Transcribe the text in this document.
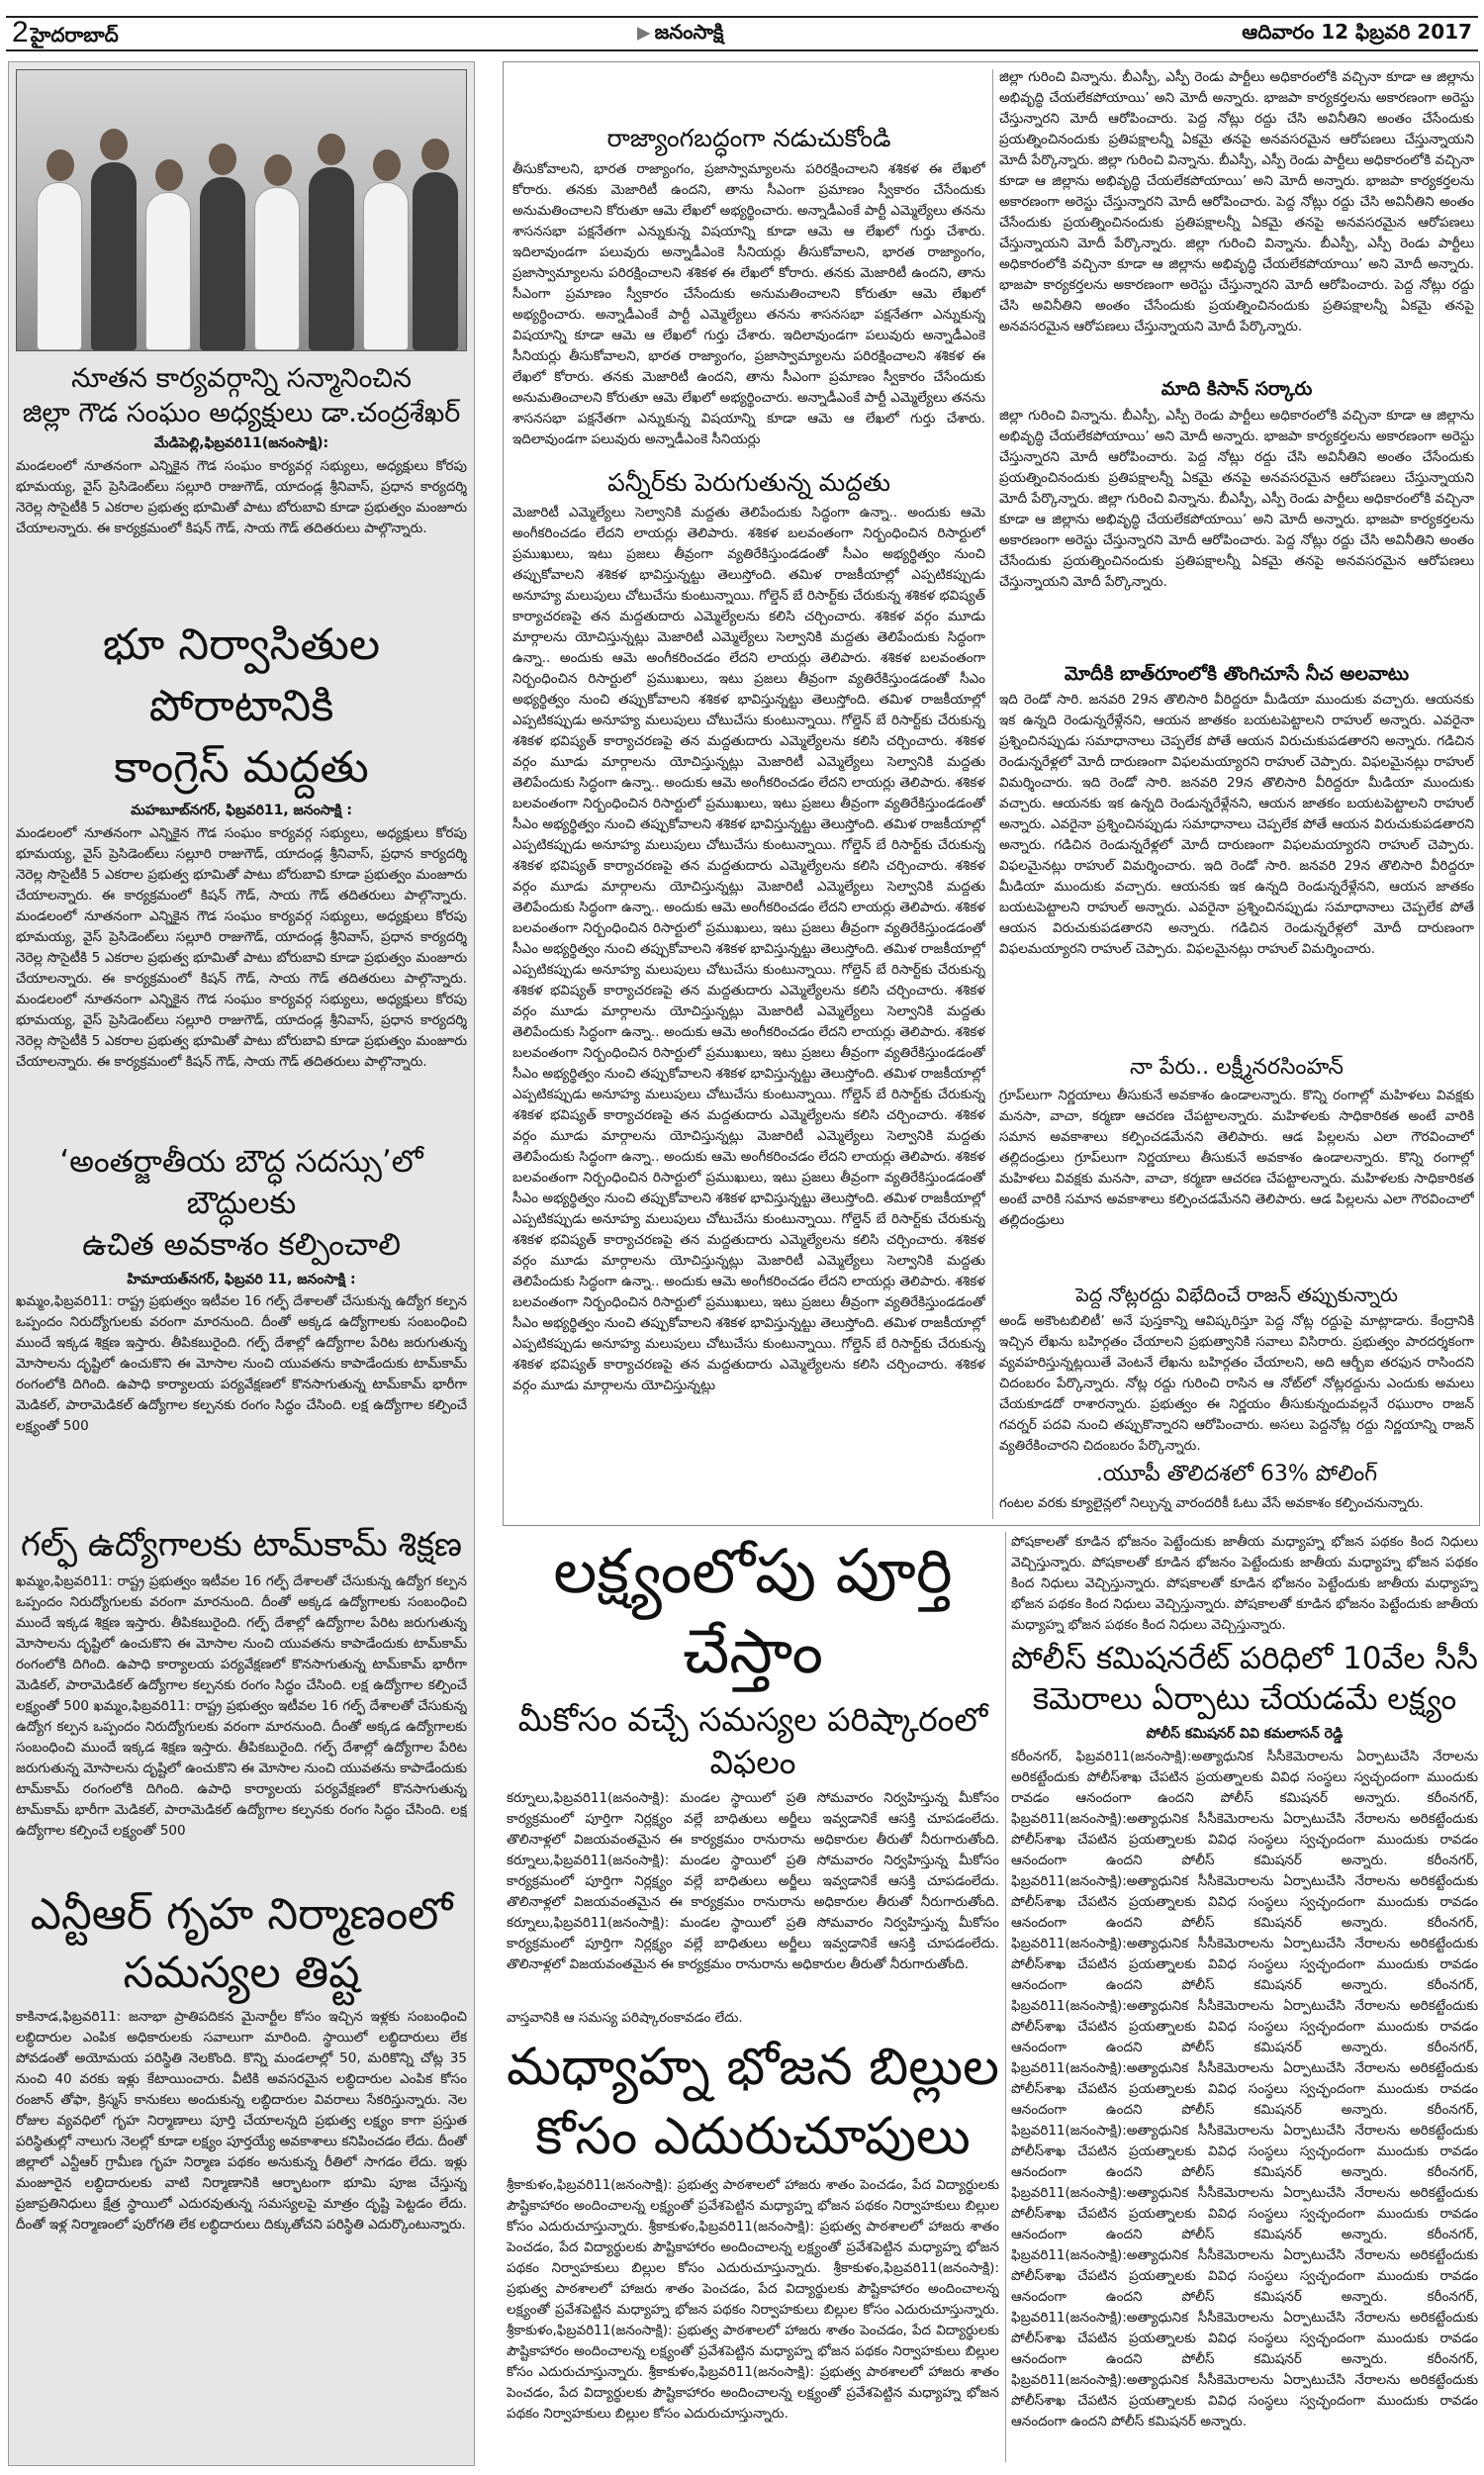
2 హైదరాబాద్	జనంసాక్షి	ఆదివారం 12 ఫిబ్రవరి 2017
నూతన కార్యవర్గాన్ని సన్మానించిన
జిల్లా గౌడ సంఘం అధ్యక్షులు డా.చంద్రశేఖర్
మేడిపెల్లి,ఫిబ్రవరి11(జనంసాక్షి):
మండలంలో నూతనంగా ఎన్నికైన గౌడ సంఘం కార్యవర్గ సభ్యులు, అధ్యక్షులు కోరపు భూమయ్య, వైస్ ప్రెసిడెంట్‌లు సల్లూరి రాజుగౌడ్, యాదండ్ల శ్రీనివాస్, ప్రధాన కార్యదర్శి నెరెల్ల సొసైటీకి 5 ఎకరాల ప్రభుత్వ భూమితో పాటు బోరుబావి కూడా ప్రభుత్వం మంజూరు చేయాలన్నారు. ఈ కార్యక్రమంలో కిషన్ గౌడ్, సాయ గౌడ్ తదితరులు పాల్గొన్నారు.
భూ నిర్వాసితుల పోరాటానికి
కాంగ్రెస్ మద్దతు
మహబూబ్‌నగర్, ఫిబ్రవరి11, జనంసాక్షి :
మండలంలో నూతనంగా ఎన్నికైన గౌడ సంఘం కార్యవర్గ సభ్యులు, అధ్యక్షులు కోరపు భూమయ్య, వైస్ ప్రెసిడెంట్‌లు సల్లూరి రాజుగౌడ్, యాదండ్ల శ్రీనివాస్, ప్రధాన కార్యదర్శి నెరెల్ల సొసైటీకి 5 ఎకరాల ప్రభుత్వ భూమితో పాటు బోరుబావి కూడా ప్రభుత్వం మంజూరు చేయాలన్నారు. ఈ కార్యక్రమంలో కిషన్ గౌడ్, సాయ గౌడ్ తదితరులు పాల్గొన్నారు. మండలంలో నూతనంగా ఎన్నికైన గౌడ సంఘం కార్యవర్గ సభ్యులు, అధ్యక్షులు కోరపు భూమయ్య, వైస్ ప్రెసిడెంట్‌లు సల్లూరి రాజుగౌడ్, యాదండ్ల శ్రీనివాస్, ప్రధాన కార్యదర్శి నెరెల్ల సొసైటీకి 5 ఎకరాల ప్రభుత్వ భూమితో పాటు బోరుబావి కూడా ప్రభుత్వం మంజూరు చేయాలన్నారు. ఈ కార్యక్రమంలో కిషన్ గౌడ్, సాయ గౌడ్ తదితరులు పాల్గొన్నారు. మండలంలో నూతనంగా ఎన్నికైన గౌడ సంఘం కార్యవర్గ సభ్యులు, అధ్యక్షులు కోరపు భూమయ్య, వైస్ ప్రెసిడెంట్‌లు సల్లూరి రాజుగౌడ్, యాదండ్ల శ్రీనివాస్, ప్రధాన కార్యదర్శి నెరెల్ల సొసైటీకి 5 ఎకరాల ప్రభుత్వ భూమితో పాటు బోరుబావి కూడా ప్రభుత్వం మంజూరు చేయాలన్నారు. ఈ కార్యక్రమంలో కిషన్ గౌడ్, సాయ గౌడ్ తదితరులు పాల్గొన్నారు.
‘అంతర్జాతీయ బౌద్ధ సదస్సు’లో బౌద్ధులకు
ఉచిత అవకాశం కల్పించాలి
హిమాయత్‌నగర్, ఫిబ్రవరి 11, జనంసాక్షి :
ఖమ్మం,ఫిబ్రవరి11: రాష్ట్ర ప్రభుత్వం ఇటీవల 16 గల్ఫ్ దేశాలతో చేసుకున్న ఉద్యోగ కల్పన ఒప్పందం నిరుద్యోగులకు వరంగా మారనుంది. దీంతో అక్కడ ఉద్యోగాలకు సంబంధించి ముందే ఇక్కడ శిక్షణ ఇస్తారు. తీపికబురైంది. గల్ఫ్ దేశాల్లో ఉద్యోగాల పేరిట జరుగుతున్న మోసాలను దృష్టిలో ఉంచుకొని ఈ మోసాల నుంచి యువతను కాపాడేందుకు టామ్‌కామ్ రంగంలోకి దిగింది. ఉపాధి కార్యాలయ పర్యవేక్షణలో కొనసాగుతున్న టామ్‌కామ్ భారీగా మెడికల్, పారామెడికల్ ఉద్యోగాల కల్పనకు రంగం సిద్ధం చేసింది. లక్ష ఉద్యోగాల కల్పించే లక్ష్యంతో 500
గల్ఫ్ ఉద్యోగాలకు టామ్‌కామ్ శిక్షణ
ఖమ్మం,ఫిబ్రవరి11: రాష్ట్ర ప్రభుత్వం ఇటీవల 16 గల్ఫ్ దేశాలతో చేసుకున్న ఉద్యోగ కల్పన ఒప్పందం నిరుద్యోగులకు వరంగా మారనుంది. దీంతో అక్కడ ఉద్యోగాలకు సంబంధించి ముందే ఇక్కడ శిక్షణ ఇస్తారు. తీపికబురైంది. గల్ఫ్ దేశాల్లో ఉద్యోగాల పేరిట జరుగుతున్న మోసాలను దృష్టిలో ఉంచుకొని ఈ మోసాల నుంచి యువతను కాపాడేందుకు టామ్‌కామ్ రంగంలోకి దిగింది. ఉపాధి కార్యాలయ పర్యవేక్షణలో కొనసాగుతున్న టామ్‌కామ్ భారీగా మెడికల్, పారామెడికల్ ఉద్యోగాల కల్పనకు రంగం సిద్ధం చేసింది. లక్ష ఉద్యోగాల కల్పించే లక్ష్యంతో 500 ఖమ్మం,ఫిబ్రవరి11: రాష్ట్ర ప్రభుత్వం ఇటీవల 16 గల్ఫ్ దేశాలతో చేసుకున్న ఉద్యోగ కల్పన ఒప్పందం నిరుద్యోగులకు వరంగా మారనుంది. దీంతో అక్కడ ఉద్యోగాలకు సంబంధించి ముందే ఇక్కడ శిక్షణ ఇస్తారు. తీపికబురైంది. గల్ఫ్ దేశాల్లో ఉద్యోగాల పేరిట జరుగుతున్న మోసాలను దృష్టిలో ఉంచుకొని ఈ మోసాల నుంచి యువతను కాపాడేందుకు టామ్‌కామ్ రంగంలోకి దిగింది. ఉపాధి కార్యాలయ పర్యవేక్షణలో కొనసాగుతున్న టామ్‌కామ్ భారీగా మెడికల్, పారామెడికల్ ఉద్యోగాల కల్పనకు రంగం సిద్ధం చేసింది. లక్ష ఉద్యోగాల కల్పించే లక్ష్యంతో 500
ఎన్టీఆర్ గృహ నిర్మాణంలో
సమస్యల తిష్ట
కాకినాడ,ఫిబ్రవరి11: జనాభా ప్రాతిపదికన మైనార్టీల కోసం ఇచ్చిన ఇళ్లకు సంబంధించి లబ్ధిదారుల ఎంపిక అధికారులకు సవాలుగా మారింది. స్థాయిలో లబ్ధిదారులు లేక పోవడంతో అయోమయ పరిస్థితి నెలకొంది. కొన్ని మండలాల్లో 50, మరికొన్ని చోట్ల 35 నుంచి 40 వరకు ఇళ్లు కేటాయించారు. వీటికి అవసరమైన లబ్ధిదారుల ఎంపిక కోసం రంజాన్ తోఫా, క్రిస్మస్ కానుకలు అందుకున్న లబ్ధిదారుల వివరాలు సేకరిస్తున్నారు. నెల రోజుల వ్యవధిలో గృహ నిర్మాణాలు పూర్తి చేయాలన్నది ప్రభుత్వ లక్ష్యం కాగా ప్రస్తుత పరిస్థితుల్లో నాలుగు నెలల్లో కూడా లక్ష్యం పూర్తయ్యే అవకాశాలు కనిపించడం లేదు. దీంతో జిల్లాలో ఎన్టీఆర్ గ్రామీణ గృహ నిర్మాణ పథకం అనుకున్న రీతిలో సాగడం లేదు. ఇళ్లు మంజూరైన లబ్ధిదారులకు వాటి నిర్మాణానికి ఆర్భాటంగా భూమి పూజ చేస్తున్న ప్రజాప్రతినిధులు క్షేత్ర స్థాయిలో ఎదురవుతున్న సమస్యలపై మాత్రం దృష్టి పెట్టడం లేదు. దీంతో ఇళ్ల నిర్మాణంలో పురోగతి లేక లబ్ధిదారులు దిక్కుతోచని పరిస్థితి ఎదుర్కొంటున్నారు.
రాజ్యాంగబద్ధంగా నడుచుకోండి
తీసుకోవాలని, భారత రాజ్యాంగం, ప్రజాస్వామ్యాలను పరిరక్షించాలని శశికళ ఈ లేఖలో కోరారు. తనకు మెజారిటీ ఉందని, తాను సీఎంగా ప్రమాణం స్వీకారం చేసేందుకు అనుమతించాలని కోరుతూ ఆమె లేఖలో అభ్యర్థించారు. అన్నాడీఎంకే పార్టీ ఎమ్మెల్యేలు తనను శాసనసభా పక్షనేతగా ఎన్నుకున్న విషయాన్ని కూడా ఆమె ఆ లేఖలో గుర్తు చేశారు. ఇదిలావుండగా పలువురు అన్నాడీఎంకె సీనియర్లు తీసుకోవాలని, భారత రాజ్యాంగం, ప్రజాస్వామ్యాలను పరిరక్షించాలని శశికళ ఈ లేఖలో కోరారు. తనకు మెజారిటీ ఉందని, తాను సీఎంగా ప్రమాణం స్వీకారం చేసేందుకు అనుమతించాలని కోరుతూ ఆమె లేఖలో అభ్యర్థించారు. అన్నాడీఎంకే పార్టీ ఎమ్మెల్యేలు తనను శాసనసభా పక్షనేతగా ఎన్నుకున్న విషయాన్ని కూడా ఆమె ఆ లేఖలో గుర్తు చేశారు. ఇదిలావుండగా పలువురు అన్నాడీఎంకె సీనియర్లు తీసుకోవాలని, భారత రాజ్యాంగం, ప్రజాస్వామ్యాలను పరిరక్షించాలని శశికళ ఈ లేఖలో కోరారు. తనకు మెజారిటీ ఉందని, తాను సీఎంగా ప్రమాణం స్వీకారం చేసేందుకు అనుమతించాలని కోరుతూ ఆమె లేఖలో అభ్యర్థించారు. అన్నాడీఎంకే పార్టీ ఎమ్మెల్యేలు తనను శాసనసభా పక్షనేతగా ఎన్నుకున్న విషయాన్ని కూడా ఆమె ఆ లేఖలో గుర్తు చేశారు. ఇదిలావుండగా పలువురు అన్నాడీఎంకె సీనియర్లు
పన్నీర్‌కు పెరుగుతున్న మద్దతు
మెజారిటీ ఎమ్మెల్యేలు సెల్వానికి మద్దతు తెలిపేందుకు సిద్ధంగా ఉన్నా.. అందుకు ఆమె అంగీకరించడం లేదని లాయర్లు తెలిపారు. శశికళ బలవంతంగా నిర్బంధించిన రిసార్టులో ప్రముఖులు, ఇటు ప్రజలు తీవ్రంగా వ్యతిరేకిస్తుండడంతో సీఎం అభ్యర్థిత్వం నుంచి తప్పుకోవాలని శశికళ భావిస్తున్నట్టు తెలుస్తోంది. తమిళ రాజకీయాల్లో ఎప్పటికప్పుడు అనూహ్య మలుపులు చోటుచేసు కుంటున్నాయి. గోల్డెన్ బే రిసార్ట్‌కు చేరుకున్న శశికళ భవిష్యత్ కార్యాచరణపై తన మద్దతుదారు ఎమ్మెల్యేలను కలిసి చర్చించారు. శశికళ వర్గం మూడు మార్గాలను యోచిస్తున్నట్లు మెజారిటీ ఎమ్మెల్యేలు సెల్వానికి మద్దతు తెలిపేందుకు సిద్ధంగా ఉన్నా.. అందుకు ఆమె అంగీకరించడం లేదని లాయర్లు తెలిపారు. శశికళ బలవంతంగా నిర్బంధించిన రిసార్టులో ప్రముఖులు, ఇటు ప్రజలు తీవ్రంగా వ్యతిరేకిస్తుండడంతో సీఎం అభ్యర్థిత్వం నుంచి తప్పుకోవాలని శశికళ భావిస్తున్నట్టు తెలుస్తోంది. తమిళ రాజకీయాల్లో ఎప్పటికప్పుడు అనూహ్య మలుపులు చోటుచేసు కుంటున్నాయి. గోల్డెన్ బే రిసార్ట్‌కు చేరుకున్న శశికళ భవిష్యత్ కార్యాచరణపై తన మద్దతుదారు ఎమ్మెల్యేలను కలిసి చర్చించారు. శశికళ వర్గం మూడు మార్గాలను యోచిస్తున్నట్లు మెజారిటీ ఎమ్మెల్యేలు సెల్వానికి మద్దతు తెలిపేందుకు సిద్ధంగా ఉన్నా.. అందుకు ఆమె అంగీకరించడం లేదని లాయర్లు తెలిపారు. శశికళ బలవంతంగా నిర్బంధించిన రిసార్టులో ప్రముఖులు, ఇటు ప్రజలు తీవ్రంగా వ్యతిరేకిస్తుండడంతో సీఎం అభ్యర్థిత్వం నుంచి తప్పుకోవాలని శశికళ భావిస్తున్నట్టు తెలుస్తోంది. తమిళ రాజకీయాల్లో ఎప్పటికప్పుడు అనూహ్య మలుపులు చోటుచేసు కుంటున్నాయి. గోల్డెన్ బే రిసార్ట్‌కు చేరుకున్న శశికళ భవిష్యత్ కార్యాచరణపై తన మద్దతుదారు ఎమ్మెల్యేలను కలిసి చర్చించారు. శశికళ వర్గం మూడు మార్గాలను యోచిస్తున్నట్లు మెజారిటీ ఎమ్మెల్యేలు సెల్వానికి మద్దతు తెలిపేందుకు సిద్ధంగా ఉన్నా.. అందుకు ఆమె అంగీకరించడం లేదని లాయర్లు తెలిపారు. శశికళ బలవంతంగా నిర్బంధించిన రిసార్టులో ప్రముఖులు, ఇటు ప్రజలు తీవ్రంగా వ్యతిరేకిస్తుండడంతో సీఎం అభ్యర్థిత్వం నుంచి తప్పుకోవాలని శశికళ భావిస్తున్నట్టు తెలుస్తోంది. తమిళ రాజకీయాల్లో ఎప్పటికప్పుడు అనూహ్య మలుపులు చోటుచేసు కుంటున్నాయి. గోల్డెన్ బే రిసార్ట్‌కు చేరుకున్న శశికళ భవిష్యత్ కార్యాచరణపై తన మద్దతుదారు ఎమ్మెల్యేలను కలిసి చర్చించారు. శశికళ వర్గం మూడు మార్గాలను యోచిస్తున్నట్లు మెజారిటీ ఎమ్మెల్యేలు సెల్వానికి మద్దతు తెలిపేందుకు సిద్ధంగా ఉన్నా.. అందుకు ఆమె అంగీకరించడం లేదని లాయర్లు తెలిపారు. శశికళ బలవంతంగా నిర్బంధించిన రిసార్టులో ప్రముఖులు, ఇటు ప్రజలు తీవ్రంగా వ్యతిరేకిస్తుండడంతో సీఎం అభ్యర్థిత్వం నుంచి తప్పుకోవాలని శశికళ భావిస్తున్నట్టు తెలుస్తోంది. తమిళ రాజకీయాల్లో ఎప్పటికప్పుడు అనూహ్య మలుపులు చోటుచేసు కుంటున్నాయి. గోల్డెన్ బే రిసార్ట్‌కు చేరుకున్న శశికళ భవిష్యత్ కార్యాచరణపై తన మద్దతుదారు ఎమ్మెల్యేలను కలిసి చర్చించారు. శశికళ వర్గం మూడు మార్గాలను యోచిస్తున్నట్లు మెజారిటీ ఎమ్మెల్యేలు సెల్వానికి మద్దతు తెలిపేందుకు సిద్ధంగా ఉన్నా.. అందుకు ఆమె అంగీకరించడం లేదని లాయర్లు తెలిపారు. శశికళ బలవంతంగా నిర్బంధించిన రిసార్టులో ప్రముఖులు, ఇటు ప్రజలు తీవ్రంగా వ్యతిరేకిస్తుండడంతో సీఎం అభ్యర్థిత్వం నుంచి తప్పుకోవాలని శశికళ భావిస్తున్నట్టు తెలుస్తోంది. తమిళ రాజకీయాల్లో ఎప్పటికప్పుడు అనూహ్య మలుపులు చోటుచేసు కుంటున్నాయి. గోల్డెన్ బే రిసార్ట్‌కు చేరుకున్న శశికళ భవిష్యత్ కార్యాచరణపై తన మద్దతుదారు ఎమ్మెల్యేలను కలిసి చర్చించారు. శశికళ వర్గం మూడు మార్గాలను యోచిస్తున్నట్లు మెజారిటీ ఎమ్మెల్యేలు సెల్వానికి మద్దతు తెలిపేందుకు సిద్ధంగా ఉన్నా.. అందుకు ఆమె అంగీకరించడం లేదని లాయర్లు తెలిపారు. శశికళ బలవంతంగా నిర్బంధించిన రిసార్టులో ప్రముఖులు, ఇటు ప్రజలు తీవ్రంగా వ్యతిరేకిస్తుండడంతో సీఎం అభ్యర్థిత్వం నుంచి తప్పుకోవాలని శశికళ భావిస్తున్నట్టు తెలుస్తోంది. తమిళ రాజకీయాల్లో ఎప్పటికప్పుడు అనూహ్య మలుపులు చోటుచేసు కుంటున్నాయి. గోల్డెన్ బే రిసార్ట్‌కు చేరుకున్న శశికళ భవిష్యత్ కార్యాచరణపై తన మద్దతుదారు ఎమ్మెల్యేలను కలిసి చర్చించారు. శశికళ వర్గం మూడు మార్గాలను యోచిస్తున్నట్లు
జిల్లా గురించి విన్నాను. బీఎస్పీ, ఎస్పీ రెండు పార్టీలు అధికారంలోకి వచ్చినా కూడా ఆ జిల్లాను అభివృద్ధి చేయలేకపోయాయి’ అని మోదీ అన్నారు. భాజపా కార్యకర్తలను అకారణంగా అరెస్టు చేస్తున్నారని మోదీ ఆరోపించారు. పెద్ద నోట్లు రద్దు చేసి అవినీతిని అంతం చేసేందుకు ప్రయత్నించినందుకు ప్రతిపక్షాలన్నీ ఏకమై తనపై అనవసరమైన ఆరోపణలు చేస్తున్నాయని మోదీ పేర్కొన్నారు. జిల్లా గురించి విన్నాను. బీఎస్పీ, ఎస్పీ రెండు పార్టీలు అధికారంలోకి వచ్చినా కూడా ఆ జిల్లాను అభివృద్ధి చేయలేకపోయాయి’ అని మోదీ అన్నారు. భాజపా కార్యకర్తలను అకారణంగా అరెస్టు చేస్తున్నారని మోదీ ఆరోపించారు. పెద్ద నోట్లు రద్దు చేసి అవినీతిని అంతం చేసేందుకు ప్రయత్నించినందుకు ప్రతిపక్షాలన్నీ ఏకమై తనపై అనవసరమైన ఆరోపణలు చేస్తున్నాయని మోదీ పేర్కొన్నారు. జిల్లా గురించి విన్నాను. బీఎస్పీ, ఎస్పీ రెండు పార్టీలు అధికారంలోకి వచ్చినా కూడా ఆ జిల్లాను అభివృద్ధి చేయలేకపోయాయి’ అని మోదీ అన్నారు. భాజపా కార్యకర్తలను అకారణంగా అరెస్టు చేస్తున్నారని మోదీ ఆరోపించారు. పెద్ద నోట్లు రద్దు చేసి అవినీతిని అంతం చేసేందుకు ప్రయత్నించినందుకు ప్రతిపక్షాలన్నీ ఏకమై తనపై అనవసరమైన ఆరోపణలు చేస్తున్నాయని మోదీ పేర్కొన్నారు.
మాది కిసాన్ సర్కారు
జిల్లా గురించి విన్నాను. బీఎస్పీ, ఎస్పీ రెండు పార్టీలు అధికారంలోకి వచ్చినా కూడా ఆ జిల్లాను అభివృద్ధి చేయలేకపోయాయి’ అని మోదీ అన్నారు. భాజపా కార్యకర్తలను అకారణంగా అరెస్టు చేస్తున్నారని మోదీ ఆరోపించారు. పెద్ద నోట్లు రద్దు చేసి అవినీతిని అంతం చేసేందుకు ప్రయత్నించినందుకు ప్రతిపక్షాలన్నీ ఏకమై తనపై అనవసరమైన ఆరోపణలు చేస్తున్నాయని మోదీ పేర్కొన్నారు. జిల్లా గురించి విన్నాను. బీఎస్పీ, ఎస్పీ రెండు పార్టీలు అధికారంలోకి వచ్చినా కూడా ఆ జిల్లాను అభివృద్ధి చేయలేకపోయాయి’ అని మోదీ అన్నారు. భాజపా కార్యకర్తలను అకారణంగా అరెస్టు చేస్తున్నారని మోదీ ఆరోపించారు. పెద్ద నోట్లు రద్దు చేసి అవినీతిని అంతం చేసేందుకు ప్రయత్నించినందుకు ప్రతిపక్షాలన్నీ ఏకమై తనపై అనవసరమైన ఆరోపణలు చేస్తున్నాయని మోదీ పేర్కొన్నారు.
మోదీకి బాత్‌రూంలోకి తొంగిచూసే నీచ అలవాటు
ఇది రెండో సారి. జనవరి 29న తొలిసారి వీరిద్దరూ మీడియా ముందుకు వచ్చారు. ఆయనకు ఇక ఉన్నది రెండున్నరేళ్లేనని, ఆయన జాతకం బయటపెట్టాలని రాహుల్ అన్నారు. ఎవరైనా ప్రశ్నించినప్పుడు సమాధానాలు చెప్పలేక పోతే ఆయన విరుచుకుపడతారని అన్నారు. గడిచిన రెండున్నరేళ్లలో మోదీ దారుణంగా విఫలమయ్యారని రాహుల్ చెప్పారు. విఫలమైనట్లు రాహుల్ విమర్శించారు. ఇది రెండో సారి. జనవరి 29న తొలిసారి వీరిద్దరూ మీడియా ముందుకు వచ్చారు. ఆయనకు ఇక ఉన్నది రెండున్నరేళ్లేనని, ఆయన జాతకం బయటపెట్టాలని రాహుల్ అన్నారు. ఎవరైనా ప్రశ్నించినప్పుడు సమాధానాలు చెప్పలేక పోతే ఆయన విరుచుకుపడతారని అన్నారు. గడిచిన రెండున్నరేళ్లలో మోదీ దారుణంగా విఫలమయ్యారని రాహుల్ చెప్పారు. విఫలమైనట్లు రాహుల్ విమర్శించారు. ఇది రెండో సారి. జనవరి 29న తొలిసారి వీరిద్దరూ మీడియా ముందుకు వచ్చారు. ఆయనకు ఇక ఉన్నది రెండున్నరేళ్లేనని, ఆయన జాతకం బయటపెట్టాలని రాహుల్ అన్నారు. ఎవరైనా ప్రశ్నించినప్పుడు సమాధానాలు చెప్పలేక పోతే ఆయన విరుచుకుపడతారని అన్నారు. గడిచిన రెండున్నరేళ్లలో మోదీ దారుణంగా విఫలమయ్యారని రాహుల్ చెప్పారు. విఫలమైనట్లు రాహుల్ విమర్శించారు.
నా పేరు.. లక్ష్మీనరసింహన్
గ్రూప్‌లుగా నిర్ణయాలు తీసుకునే అవకాశం ఉండాలన్నారు. కొన్ని రంగాల్లో మహిళలు వివక్షకు మనసా, వాచా, కర్మణా ఆచరణ చేపట్టాలన్నారు. మహిళలకు సాధికారికత అంటే వారికి సమాన అవకాశాలు కల్పించడమేనని తెలిపారు. ఆడ పిల్లలను ఎలా గౌరవించాలో తల్లిదండ్రులు గ్రూప్‌లుగా నిర్ణయాలు తీసుకునే అవకాశం ఉండాలన్నారు. కొన్ని రంగాల్లో మహిళలు వివక్షకు మనసా, వాచా, కర్మణా ఆచరణ చేపట్టాలన్నారు. మహిళలకు సాధికారికత అంటే వారికి సమాన అవకాశాలు కల్పించడమేనని తెలిపారు. ఆడ పిల్లలను ఎలా గౌరవించాలో తల్లిదండ్రులు
పెద్ద నోట్లరద్దు విభేదించే రాజన్ తప్పుకున్నారు
అండ్ అకౌంటబిలిటీ’ అనే పుస్తకాన్ని ఆవిష్కరిస్తూ పెద్ద నోట్ల రద్దుపై మాట్లాడారు. కేంద్రానికి ఇచ్చిన లేఖను బహిర్గతం చేయాలని ప్రభుత్వానికి సవాలు విసిరారు. ప్రభుత్వం పారదర్శకంగా వ్యవహరిస్తున్నట్లయితే వెంటనే లేఖను బహిర్గతం చేయాలని, అది ఆర్బీఐ తరఫున రాసిందని చిదంబరం పేర్కొన్నారు. నోట్ల రద్దు గురించి రాసిన ఆ నోట్‌లో నోట్లరద్దును ఎందుకు అమలు చేయకూడదో రాశారన్నారు. ప్రభుత్వం ఈ నిర్ణయం తీసుకున్నందువల్లనే రఘురాం రాజన్ గవర్నర్ పదవి నుంచి తప్పుకొన్నారని ఆరోపించారు. అసలు పెద్దనోట్ల రద్దు నిర్ణయాన్ని రాజన్ వ్యతిరేకించారని చిదంబరం పేర్కొన్నారు.
.యూపీ తొలిదశలో 63% పోలింగ్
గంటల వరకు క్యూలైన్లలో నిల్చున్న వారందరికీ ఓటు వేసే అవకాశం కల్పించనున్నారు.
లక్ష్యంలోపు పూర్తి చేస్తాం
మీకోసం వచ్చే సమస్యల పరిష్కారంలో విఫలం
కర్నూలు,ఫిబ్రవరి11(జనంసాక్షి): మండల స్థాయిలో ప్రతి సోమవారం నిర్వహిస్తున్న మీకోసం కార్యక్రమంలో పూర్తిగా నిర్లక్ష్యం వల్లే బాధితులు అర్జీలు ఇవ్వడానికే ఆసక్తి చూపడంలేదు. తొలినాళ్లలో విజయవంతమైన ఈ కార్యక్రమం రానురాను అధికారుల తీరుతో నీరుగారుతోంది. కర్నూలు,ఫిబ్రవరి11(జనంసాక్షి): మండల స్థాయిలో ప్రతి సోమవారం నిర్వహిస్తున్న మీకోసం కార్యక్రమంలో పూర్తిగా నిర్లక్ష్యం వల్లే బాధితులు అర్జీలు ఇవ్వడానికే ఆసక్తి చూపడంలేదు. తొలినాళ్లలో విజయవంతమైన ఈ కార్యక్రమం రానురాను అధికారుల తీరుతో నీరుగారుతోంది. కర్నూలు,ఫిబ్రవరి11(జనంసాక్షి): మండల స్థాయిలో ప్రతి సోమవారం నిర్వహిస్తున్న మీకోసం కార్యక్రమంలో పూర్తిగా నిర్లక్ష్యం వల్లే బాధితులు అర్జీలు ఇవ్వడానికే ఆసక్తి చూపడంలేదు. తొలినాళ్లలో విజయవంతమైన ఈ కార్యక్రమం రానురాను అధికారుల తీరుతో నీరుగారుతోంది.
వాస్తవానికి ఆ సమస్య పరిష్కారంకావడం లేదు.
మధ్యాహ్న భోజన బిల్లుల
కోసం ఎదురుచూపులు
శ్రీకాకుళం,ఫిబ్రవరి11(జనంసాక్షి): ప్రభుత్వ పాఠశాలలో హాజరు శాతం పెంచడం, పేద విద్యార్థులకు పౌష్టికాహారం అందించాలన్న లక్ష్యంతో ప్రవేశపెట్టిన మధ్యాహ్న భోజన పథకం నిర్వాహకులు బిల్లుల కోసం ఎదురుచూస్తున్నారు. శ్రీకాకుళం,ఫిబ్రవరి11(జనంసాక్షి): ప్రభుత్వ పాఠశాలలో హాజరు శాతం పెంచడం, పేద విద్యార్థులకు పౌష్టికాహారం అందించాలన్న లక్ష్యంతో ప్రవేశపెట్టిన మధ్యాహ్న భోజన పథకం నిర్వాహకులు బిల్లుల కోసం ఎదురుచూస్తున్నారు. శ్రీకాకుళం,ఫిబ్రవరి11(జనంసాక్షి): ప్రభుత్వ పాఠశాలలో హాజరు శాతం పెంచడం, పేద విద్యార్థులకు పౌష్టికాహారం అందించాలన్న లక్ష్యంతో ప్రవేశపెట్టిన మధ్యాహ్న భోజన పథకం నిర్వాహకులు బిల్లుల కోసం ఎదురుచూస్తున్నారు. శ్రీకాకుళం,ఫిబ్రవరి11(జనంసాక్షి): ప్రభుత్వ పాఠశాలలో హాజరు శాతం పెంచడం, పేద విద్యార్థులకు పౌష్టికాహారం అందించాలన్న లక్ష్యంతో ప్రవేశపెట్టిన మధ్యాహ్న భోజన పథకం నిర్వాహకులు బిల్లుల కోసం ఎదురుచూస్తున్నారు. శ్రీకాకుళం,ఫిబ్రవరి11(జనంసాక్షి): ప్రభుత్వ పాఠశాలలో హాజరు శాతం పెంచడం, పేద విద్యార్థులకు పౌష్టికాహారం అందించాలన్న లక్ష్యంతో ప్రవేశపెట్టిన మధ్యాహ్న భోజన పథకం నిర్వాహకులు బిల్లుల కోసం ఎదురుచూస్తున్నారు.
పోషకాలతో కూడిన భోజనం పెట్టేందుకు జాతీయ మధ్యాహ్న భోజన పథకం కింద నిధులు వెచ్చిస్తున్నారు. పోషకాలతో కూడిన భోజనం పెట్టేందుకు జాతీయ మధ్యాహ్న భోజన పథకం కింద నిధులు వెచ్చిస్తున్నారు. పోషకాలతో కూడిన భోజనం పెట్టేందుకు జాతీయ మధ్యాహ్న భోజన పథకం కింద నిధులు వెచ్చిస్తున్నారు. పోషకాలతో కూడిన భోజనం పెట్టేందుకు జాతీయ మధ్యాహ్న భోజన పథకం కింద నిధులు వెచ్చిస్తున్నారు.
పోలీస్ కమిషనరేట్ పరిధిలో 10వేల సీసీ
కెమెరాలు ఏర్పాటు చేయడమే లక్ష్యం
పోలీస్ కమిషనర్ వివి కమలాసన్ రెడ్డి
కరీంనగర్, ఫిబ్రవరి11(జనంసాక్షి):అత్యాధునిక సీసీకెమెరాలను ఏర్పాటుచేసి నేరాలను అరికట్టేందుకు పోలీస్‌శాఖ చేపటిన ప్రయత్నాలకు వివిధ సంస్థలు స్వచ్ఛందంగా ముందుకు రావడం ఆనందంగా ఉందని పోలీస్ కమిషనర్ అన్నారు. కరీంనగర్, ఫిబ్రవరి11(జనంసాక్షి):అత్యాధునిక సీసీకెమెరాలను ఏర్పాటుచేసి నేరాలను అరికట్టేందుకు పోలీస్‌శాఖ చేపటిన ప్రయత్నాలకు వివిధ సంస్థలు స్వచ్ఛందంగా ముందుకు రావడం ఆనందంగా ఉందని పోలీస్ కమిషనర్ అన్నారు. కరీంనగర్, ఫిబ్రవరి11(జనంసాక్షి):అత్యాధునిక సీసీకెమెరాలను ఏర్పాటుచేసి నేరాలను అరికట్టేందుకు పోలీస్‌శాఖ చేపటిన ప్రయత్నాలకు వివిధ సంస్థలు స్వచ్ఛందంగా ముందుకు రావడం ఆనందంగా ఉందని పోలీస్ కమిషనర్ అన్నారు. కరీంనగర్, ఫిబ్రవరి11(జనంసాక్షి):అత్యాధునిక సీసీకెమెరాలను ఏర్పాటుచేసి నేరాలను అరికట్టేందుకు పోలీస్‌శాఖ చేపటిన ప్రయత్నాలకు వివిధ సంస్థలు స్వచ్ఛందంగా ముందుకు రావడం ఆనందంగా ఉందని పోలీస్ కమిషనర్ అన్నారు. కరీంనగర్, ఫిబ్రవరి11(జనంసాక్షి):అత్యాధునిక సీసీకెమెరాలను ఏర్పాటుచేసి నేరాలను అరికట్టేందుకు పోలీస్‌శాఖ చేపటిన ప్రయత్నాలకు వివిధ సంస్థలు స్వచ్ఛందంగా ముందుకు రావడం ఆనందంగా ఉందని పోలీస్ కమిషనర్ అన్నారు. కరీంనగర్, ఫిబ్రవరి11(జనంసాక్షి):అత్యాధునిక సీసీకెమెరాలను ఏర్పాటుచేసి నేరాలను అరికట్టేందుకు పోలీస్‌శాఖ చేపటిన ప్రయత్నాలకు వివిధ సంస్థలు స్వచ్ఛందంగా ముందుకు రావడం ఆనందంగా ఉందని పోలీస్ కమిషనర్ అన్నారు. కరీంనగర్, ఫిబ్రవరి11(జనంసాక్షి):అత్యాధునిక సీసీకెమెరాలను ఏర్పాటుచేసి నేరాలను అరికట్టేందుకు పోలీస్‌శాఖ చేపటిన ప్రయత్నాలకు వివిధ సంస్థలు స్వచ్ఛందంగా ముందుకు రావడం ఆనందంగా ఉందని పోలీస్ కమిషనర్ అన్నారు. కరీంనగర్, ఫిబ్రవరి11(జనంసాక్షి):అత్యాధునిక సీసీకెమెరాలను ఏర్పాటుచేసి నేరాలను అరికట్టేందుకు పోలీస్‌శాఖ చేపటిన ప్రయత్నాలకు వివిధ సంస్థలు స్వచ్ఛందంగా ముందుకు రావడం ఆనందంగా ఉందని పోలీస్ కమిషనర్ అన్నారు. కరీంనగర్, ఫిబ్రవరి11(జనంసాక్షి):అత్యాధునిక సీసీకెమెరాలను ఏర్పాటుచేసి నేరాలను అరికట్టేందుకు పోలీస్‌శాఖ చేపటిన ప్రయత్నాలకు వివిధ సంస్థలు స్వచ్ఛందంగా ముందుకు రావడం ఆనందంగా ఉందని పోలీస్ కమిషనర్ అన్నారు. కరీంనగర్, ఫిబ్రవరి11(జనంసాక్షి):అత్యాధునిక సీసీకెమెరాలను ఏర్పాటుచేసి నేరాలను అరికట్టేందుకు పోలీస్‌శాఖ చేపటిన ప్రయత్నాలకు వివిధ సంస్థలు స్వచ్ఛందంగా ముందుకు రావడం ఆనందంగా ఉందని పోలీస్ కమిషనర్ అన్నారు. కరీంనగర్, ఫిబ్రవరి11(జనంసాక్షి):అత్యాధునిక సీసీకెమెరాలను ఏర్పాటుచేసి నేరాలను అరికట్టేందుకు పోలీస్‌శాఖ చేపటిన ప్రయత్నాలకు వివిధ సంస్థలు స్వచ్ఛందంగా ముందుకు రావడం ఆనందంగా ఉందని పోలీస్ కమిషనర్ అన్నారు.
